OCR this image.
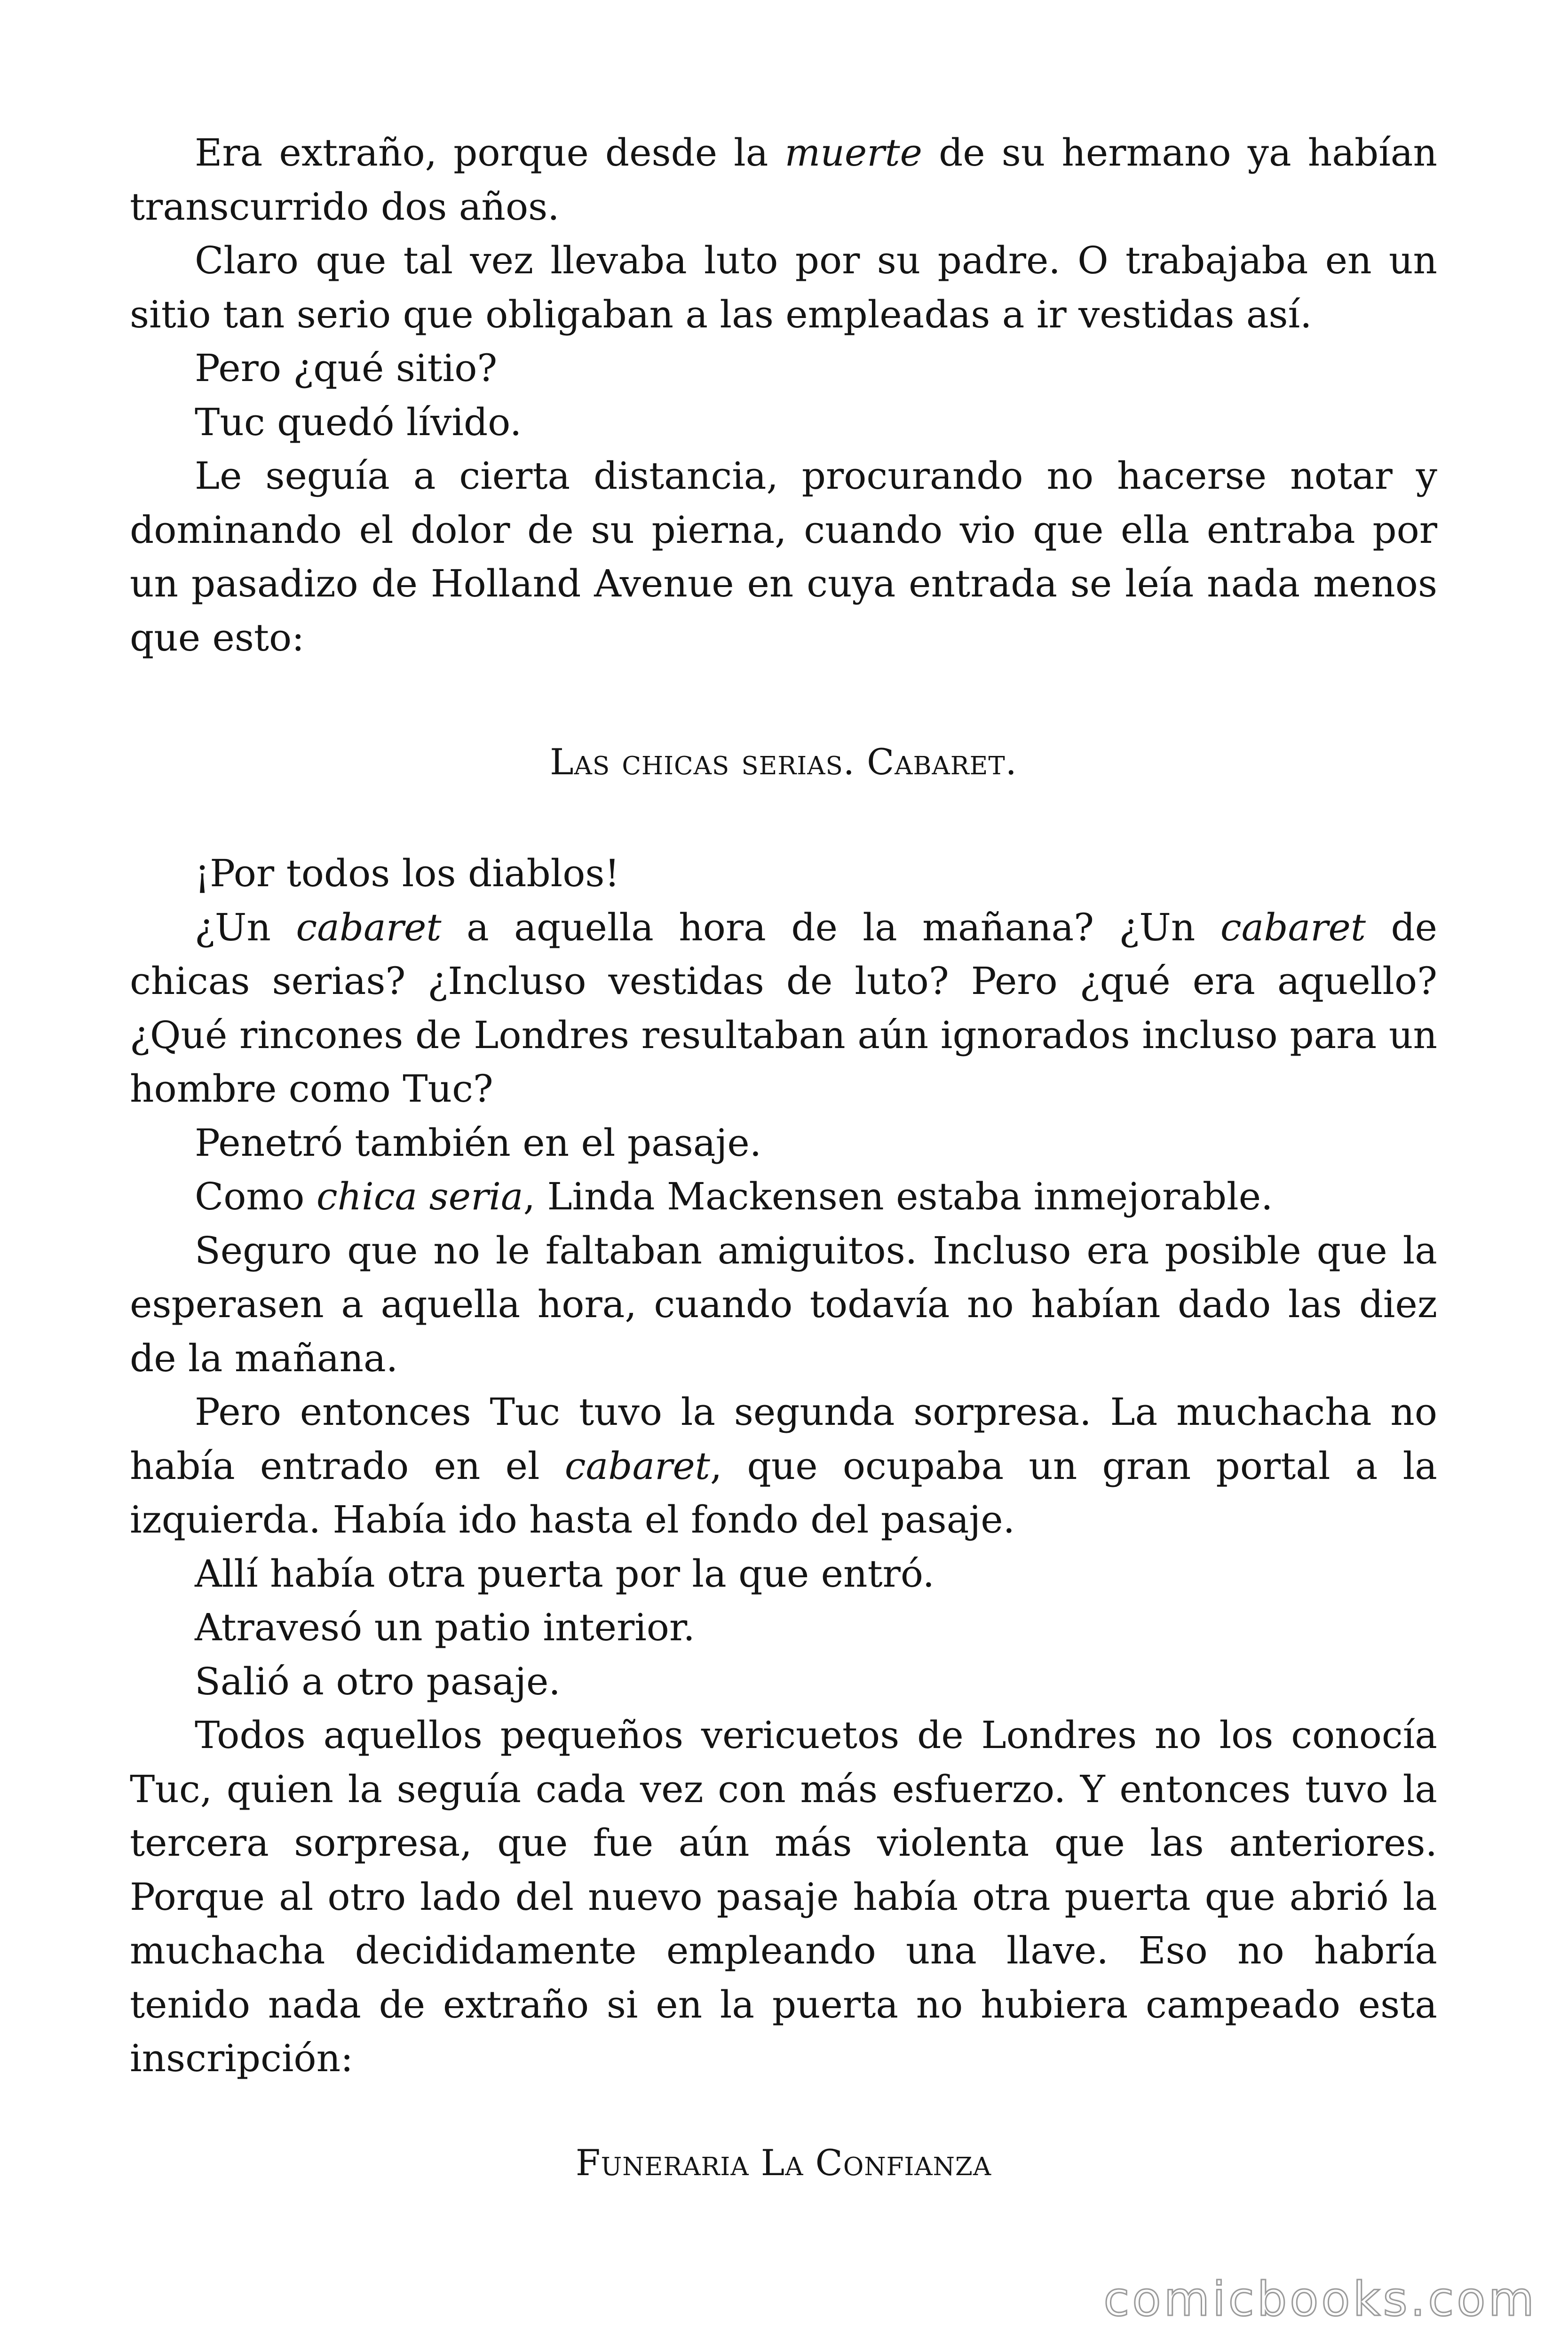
Era extraño, porque desde la muerte de su hermano ya habían transcurrido dos años.

Claro que tal vez llevaba luto por su padre. O trabajaba en un sitio tan serio que obligaban a las empleadas a ir vestidas así.

Pero ¿qué sitio?

Tuc quedó lívido.

Le seguía a cierta distancia, procurando no hacerse notar y dominando el dolor de su pierna, cuando vio que ella entraba por un pasadizo de Holland Avenue en cuya entrada se leía nada menos que esto:

Las chicas serias. Cabaret.

¡Por todos los diablos!

¿Un cabaret a aquella hora de la mañana? ¿Un cabaret de chicas serias? ¿Incluso vestidas de luto? Pero ¿qué era aquello? ¿Qué rincones de Londres resultaban aún ignorados incluso para un hombre como Tuc?

Penetró también en el pasaje.

Como chica seria, Linda Mackensen estaba inmejorable.

Seguro que no le faltaban amiguitos. Incluso era posible que la esperasen a aquella hora, cuando todavía no habían dado las diez de la mañana.

Pero entonces Tuc tuvo la segunda sorpresa. La muchacha no había entrado en el cabaret, que ocupaba un gran portal a la izquierda. Había ido hasta el fondo del pasaje.

Allí había otra puerta por la que entró.

Atravesó un patio interior.

Salió a otro pasaje.

Todos aquellos pequeños vericuetos de Londres no los conocía Tuc, quien la seguía cada vez con más esfuerzo. Y entonces tuvo la tercera sorpresa, que fue aún más violenta que las anteriores. Porque al otro lado del nuevo pasaje había otra puerta que abrió la muchacha decididamente empleando una llave. Eso no habría tenido nada de extraño si en la puerta no hubiera campeado esta inscripción:

Funeraria La Confianza
comicbooks.com
